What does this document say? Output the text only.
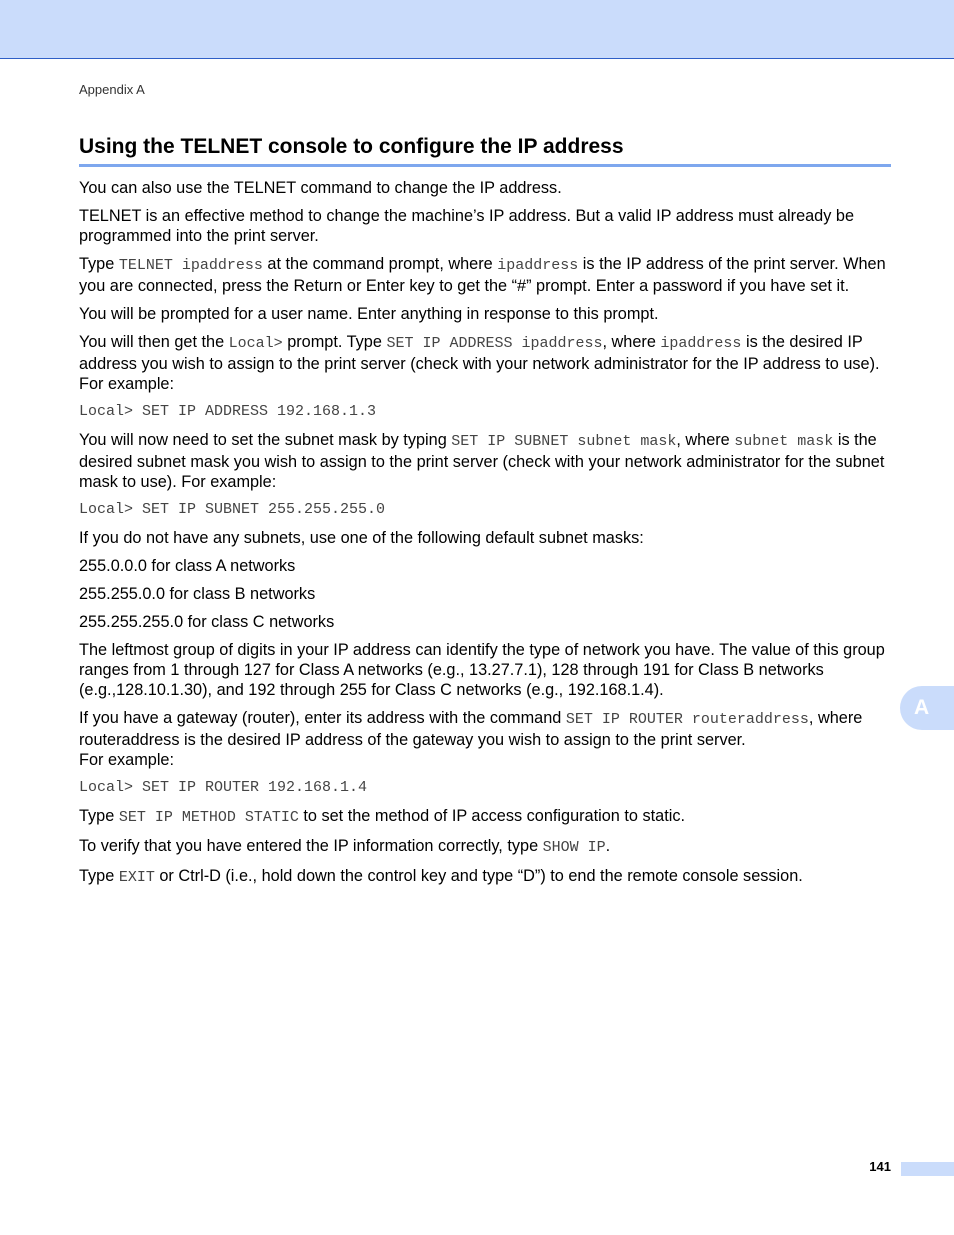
Appendix A
Using the TELNET console to configure the IP address

You can also use the TELNET command to change the IP address.

TELNET is an effective method to change the machine’s IP address. But a valid IP address must already be programmed into the print server.

Type TELNET ipaddress at the command prompt, where ipaddress is the IP address of the print server. When you are connected, press the Return or Enter key to get the “#” prompt. Enter a password if you have set it.

You will be prompted for a user name. Enter anything in response to this prompt.

You will then get the Local> prompt. Type SET IP ADDRESS ipaddress, where ipaddress is the desired IP address you wish to assign to the print server (check with your network administrator for the IP address to use). For example:

Local> SET IP ADDRESS 192.168.1.3

You will now need to set the subnet mask by typing SET IP SUBNET subnet mask, where subnet mask is the desired subnet mask you wish to assign to the print server (check with your network administrator for the subnet mask to use). For example:

Local> SET IP SUBNET 255.255.255.0

If you do not have any subnets, use one of the following default subnet masks:

255.0.0.0 for class A networks

255.255.0.0 for class B networks

255.255.255.0 for class C networks

The leftmost group of digits in your IP address can identify the type of network you have. The value of this group ranges from 1 through 127 for Class A networks (e.g., 13.27.7.1), 128 through 191 for Class B networks (e.g.,128.10.1.30), and 192 through 255 for Class C networks (e.g., 192.168.1.4).

If you have a gateway (router), enter its address with the command SET IP ROUTER routeraddress, where routeraddress is the desired IP address of the gateway you wish to assign to the print server.
For example:

Local> SET IP ROUTER 192.168.1.4

Type SET IP METHOD STATIC to set the method of IP access configuration to static.

To verify that you have entered the IP information correctly, type SHOW IP.

Type EXIT or Ctrl-D (i.e., hold down the control key and type “D”) to end the remote console session.

A
141
